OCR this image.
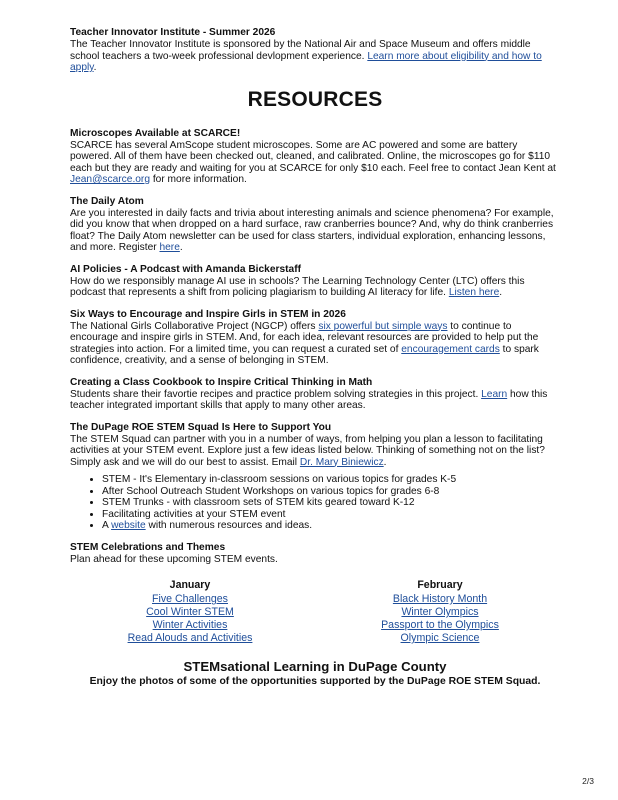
Teacher Innovator Institute - Summer 2026
The Teacher Innovator Institute is sponsored by the National Air and Space Museum and offers middle school teachers a two-week professional devlopment experience. Learn more about eligibility and how to apply.
RESOURCES
Microscopes Available at SCARCE!
SCARCE has several AmScope student microscopes. Some are AC powered and some are battery powered. All of them have been checked out, cleaned, and calibrated. Online, the microscopes go for $110 each but they are ready and waiting for you at SCARCE for only $10 each. Feel free to contact Jean Kent at Jean@scarce.org for more information.
The Daily Atom
Are you interested in daily facts and trivia about interesting animals and science phenomena? For example, did you know that when dropped on a hard surface, raw cranberries bounce? And, why do think cranberries float? The Daily Atom newsletter can be used for class starters, individual exploration, enhancing lessons, and more. Register here.
AI Policies - A Podcast with Amanda Bickerstaff
How do we responsibly manage AI use in schools? The Learning Technology Center (LTC) offers this podcast that represents a shift from policing plagiarism to building AI literacy for life. Listen here.
Six Ways to Encourage and Inspire Girls in STEM in 2026
The National Girls Collaborative Project (NGCP) offers six powerful but simple ways to continue to encourage and inspire girls in STEM. And, for each idea, relevant resources are provided to help put the strategies into action. For a limited time, you can request a curated set of encouragement cards to spark confidence, creativity, and a sense of belonging in STEM.
Creating a Class Cookbook to Inspire Critical Thinking in Math
Students share their favortie recipes and practice problem solving strategies in this project. Learn how this teacher integrated important skills that apply to many other areas.
The DuPage ROE STEM Squad Is Here to Support You
The STEM Squad can partner with you in a number of ways, from helping you plan a lesson to facilitating activities at your STEM event. Explore just a few ideas listed below. Thinking of something not on the list? Simply ask and we will do our best to assist. Email Dr. Mary Biniewicz.
• STEM - It's Elementary in-classroom sessions on various topics for grades K-5
• After School Outreach Student Workshops on various topics for grades 6-8
• STEM Trunks - with classroom sets of STEM kits geared toward K-12
• Facilitating activities at your STEM event
• A website with numerous resources and ideas.
STEM Celebrations and Themes
Plan ahead for these upcoming STEM events.
January
Five Challenges
Cool Winter STEM
Winter Activities
Read Alouds and Activities
February
Black History Month
Winter Olympics
Passport to the Olympics
Olympic Science
STEMsational Learning in DuPage County
Enjoy the photos of some of the opportunities supported by the DuPage ROE STEM Squad.
2/3
